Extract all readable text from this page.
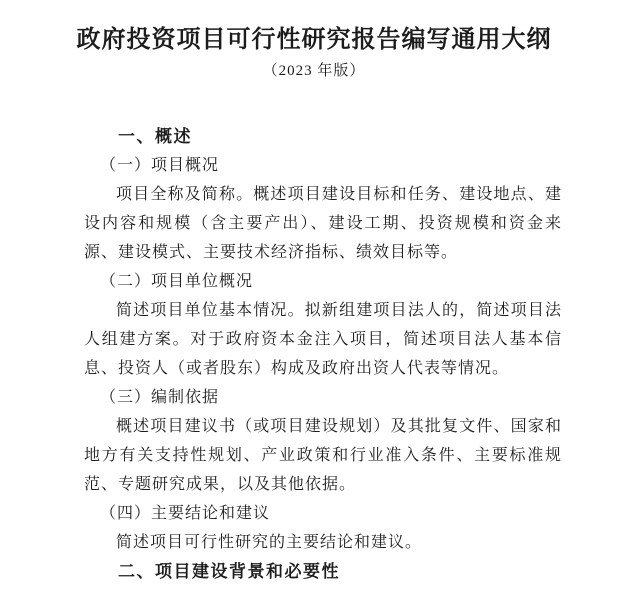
政府投资项目可行性研究报告编写通用大纲
（2023 年版）
一、概述
（一）项目概况

项目全称及简称。概述项目建设目标和任务、建设地点、建设内容和规模（含主要产出）、建设工期、投资规模和资金来源、建设模式、主要技术经济指标、绩效目标等。

（二）项目单位概况

简述项目单位基本情况。拟新组建项目法人的，简述项目法人组建方案。对于政府资本金注入项目，简述项目法人基本信息、投资人（或者股东）构成及政府出资人代表等情况。

（三）编制依据

概述项目建议书（或项目建设规划）及其批复文件、国家和地方有关支持性规划、产业政策和行业准入条件、主要标准规范、专题研究成果，以及其他依据。

（四）主要结论和建议

简述项目可行性研究的主要结论和建议。

二、项目建设背景和必要性
